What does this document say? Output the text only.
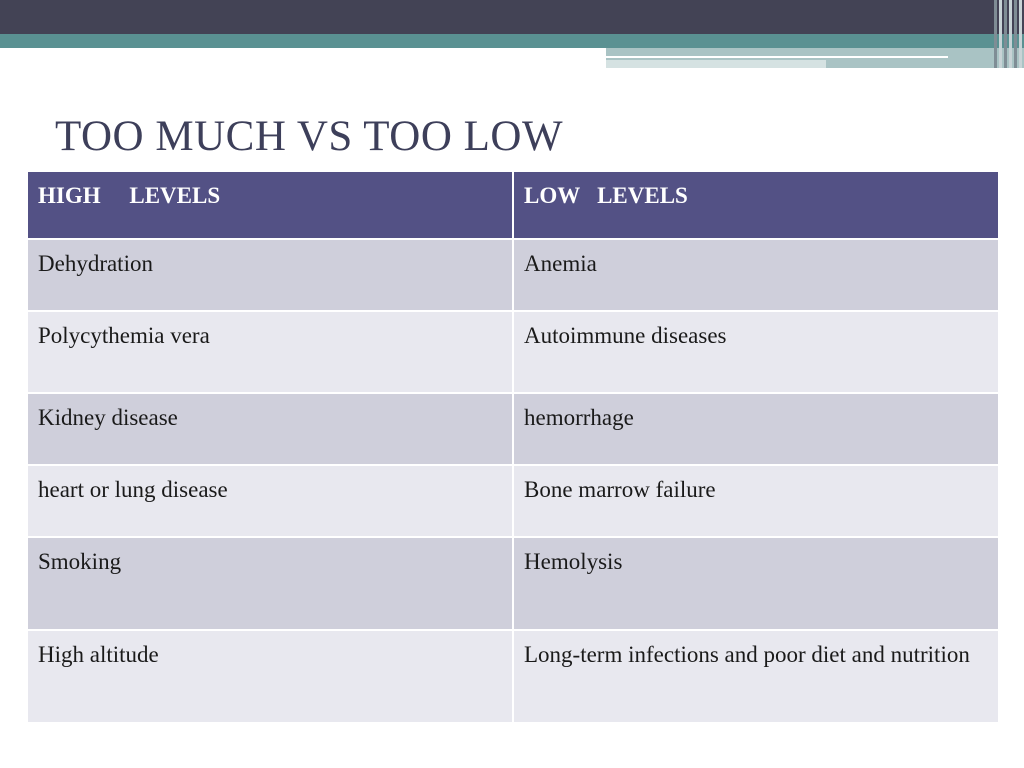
TOO MUCH VS TOO LOW
HIGH     LEVELS	LOW   LEVELS
Dehydration	Anemia
Polycythemia vera	Autoimmune diseases
Kidney disease	hemorrhage
heart or lung disease	Bone marrow failure
Smoking	Hemolysis
High altitude	Long-term infections and poor diet and nutrition
